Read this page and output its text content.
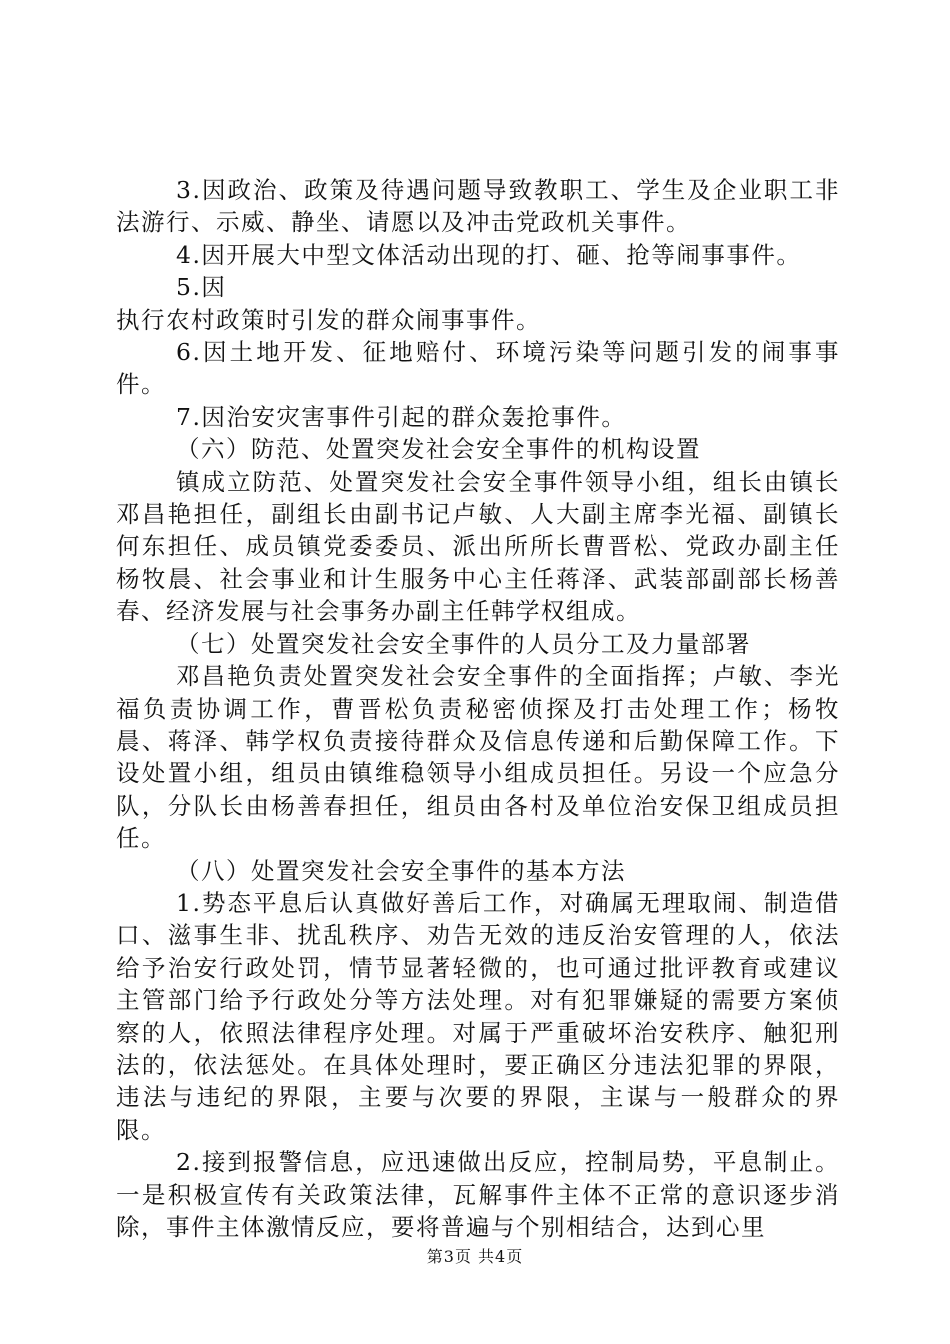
3.因政治、政策及待遇问题导致教职工、学生及企业职工非法游行、示威、静坐、请愿以及冲击党政机关事件。

4.因开展大中型文体活动出现的打、砸、抢等闹事事件。

5.因

执行农村政策时引发的群众闹事事件。

6.因土地开发、征地赔付、环境污染等问题引发的闹事事件。

7.因治安灾害事件引起的群众轰抢事件。

（六）防范、处置突发社会安全事件的机构设置

镇成立防范、处置突发社会安全事件领导小组，组长由镇长邓昌艳担任，副组长由副书记卢敏、人大副主席李光福、副镇长何东担任、成员镇党委委员、派出所所长曹晋松、党政办副主任杨牧晨、社会事业和计生服务中心主任蒋泽、武装部副部长杨善春、经济发展与社会事务办副主任韩学权组成。

（七）处置突发社会安全事件的人员分工及力量部署

邓昌艳负责处置突发社会安全事件的全面指挥；卢敏、李光福负责协调工作，曹晋松负责秘密侦探及打击处理工作；杨牧晨、蒋泽、韩学权负责接待群众及信息传递和后勤保障工作。下设处置小组，组员由镇维稳领导小组成员担任。另设一个应急分队，分队长由杨善春担任，组员由各村及单位治安保卫组成员担任。

（八）处置突发社会安全事件的基本方法

1.势态平息后认真做好善后工作，对确属无理取闹、制造借口、滋事生非、扰乱秩序、劝告无效的违反治安管理的人，依法给予治安行政处罚，情节显著轻微的，也可通过批评教育或建议主管部门给予行政处分等方法处理。对有犯罪嫌疑的需要方案侦察的人，依照法律程序处理。对属于严重破坏治安秩序、触犯刑法的，依法惩处。在具体处理时，要正确区分违法犯罪的界限，违法与违纪的界限，主要与次要的界限，主谋与一般群众的界限。

2.接到报警信息，应迅速做出反应，控制局势，平息制止。一是积极宣传有关政策法律，瓦解事件主体不正常的意识逐步消除，事件主体激情反应，要将普遍与个别相结合，达到心里

第3页 共4页
